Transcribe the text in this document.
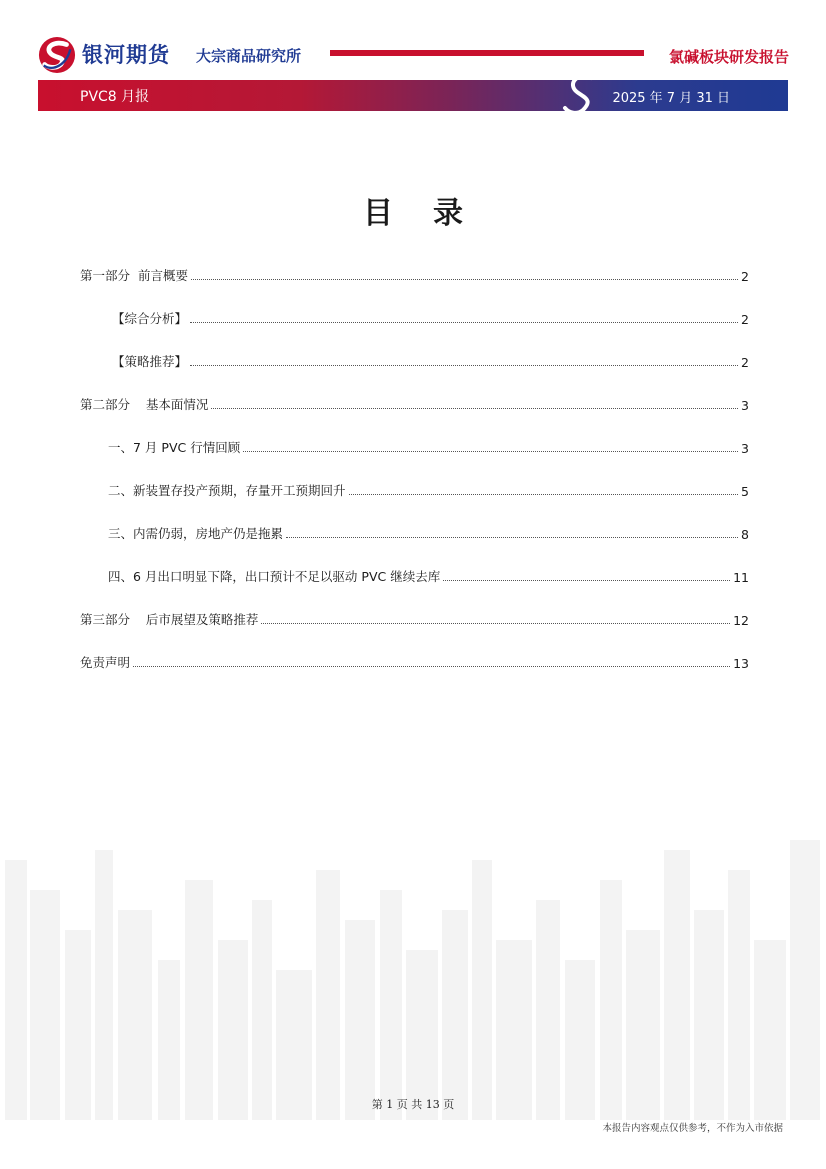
银河期货 大宗商品研究所	氯碱板块研发报告
PVC8 月报	2025 年 7 月 31 日
目录
第一部分  前言概要	2
【综合分析】	2
【策略推荐】	2
第二部分    基本面情况	3
一、7 月 PVC 行情回顾	3
二、新装置存投产预期，存量开工预期回升	5
三、内需仍弱，房地产仍是拖累	8
四、6 月出口明显下降，出口预计不足以驱动 PVC 继续去库	11
第三部分    后市展望及策略推荐	12
免责声明	13
第 1 页 共 13 页
本报告内容观点仅供参考，不作为入市依据
